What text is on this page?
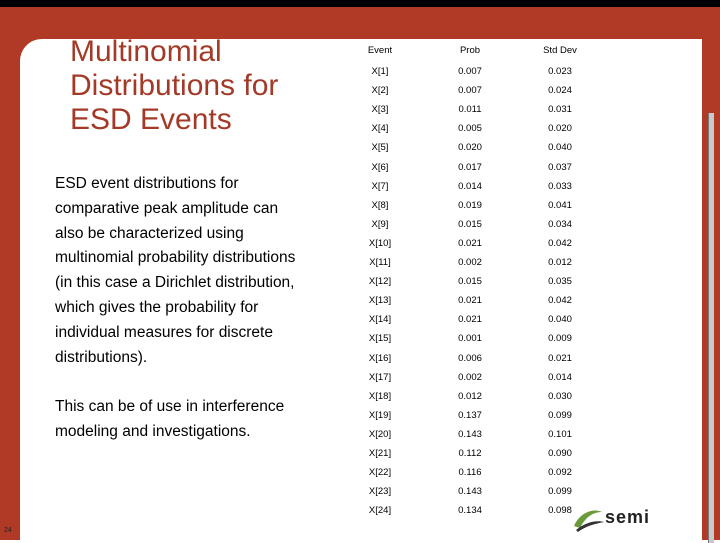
Multinomial
Distributions for
ESD Events
ESD event distributions for
comparative peak amplitude can
also be characterized using
multinomial probability distributions
(in this case a Dirichlet distribution,
which gives the probability for
individual measures for discrete
distributions).
This can be of use in interference
modeling and investigations.
Event	Prob	Std Dev
X[1]	0.007	0.023
X[2]	0.007	0.024
X[3]	0.011	0.031
X[4]	0.005	0.020
X[5]	0.020	0.040
X[6]	0.017	0.037
X[7]	0.014	0.033
X[8]	0.019	0.041
X[9]	0.015	0.034
X[10]	0.021	0.042
X[11]	0.002	0.012
X[12]	0.015	0.035
X[13]	0.021	0.042
X[14]	0.021	0.040
X[15]	0.001	0.009
X[16]	0.006	0.021
X[17]	0.002	0.014
X[18]	0.012	0.030
X[19]	0.137	0.099
X[20]	0.143	0.101
X[21]	0.112	0.090
X[22]	0.116	0.092
X[23]	0.143	0.099
X[24]	0.134	0.098	semi
24
